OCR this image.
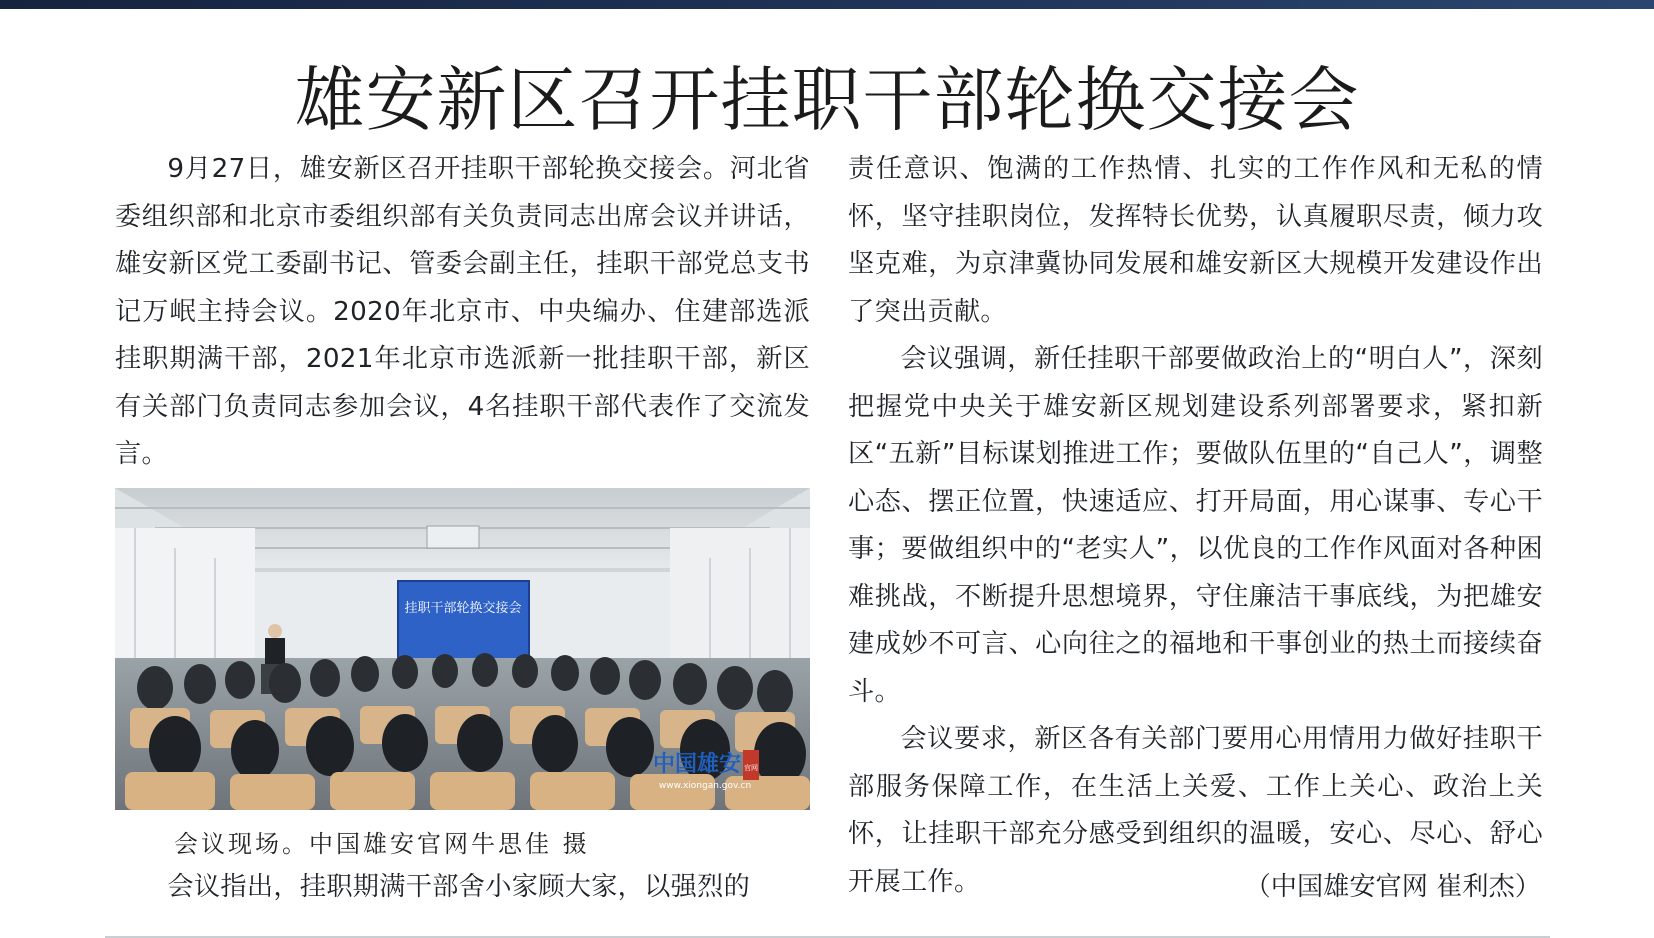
雄安新区召开挂职干部轮换交接会

9月27日，雄安新区召开挂职干部轮换交接会。河北省委组织部和北京市委组织部有关负责同志出席会议并讲话，雄安新区党工委副书记、管委会副主任，挂职干部党总支书记万岷主持会议。2020年北京市、中央编办、住建部选派挂职期满干部，2021年北京市选派新一批挂职干部，新区有关部门负责同志参加会议，4名挂职干部代表作了交流发言。

挂职干部轮换交接会
中国雄安 官网
www.xiongan.gov.cn
会议现场。中国雄安官网牛思佳 摄
会议指出，挂职期满干部舍小家顾大家，以强烈的

责任意识、饱满的工作热情、扎实的工作作风和无私的情怀，坚守挂职岗位，发挥特长优势，认真履职尽责，倾力攻坚克难，为京津冀协同发展和雄安新区大规模开发建设作出了突出贡献。

会议强调，新任挂职干部要做政治上的“明白人”，深刻把握党中央关于雄安新区规划建设系列部署要求，紧扣新区“五新”目标谋划推进工作；要做队伍里的“自己人”，调整心态、摆正位置，快速适应、打开局面，用心谋事、专心干事；要做组织中的“老实人”，以优良的工作作风面对各种困难挑战，不断提升思想境界，守住廉洁干事底线，为把雄安建成妙不可言、心向往之的福地和干事创业的热土而接续奋斗。

会议要求，新区各有关部门要用心用情用力做好挂职干部服务保障工作，在生活上关爱、工作上关心、政治上关怀，让挂职干部充分感受到组织的温暖，安心、尽心、舒心开展工作。	（中国雄安官网 崔利杰）
